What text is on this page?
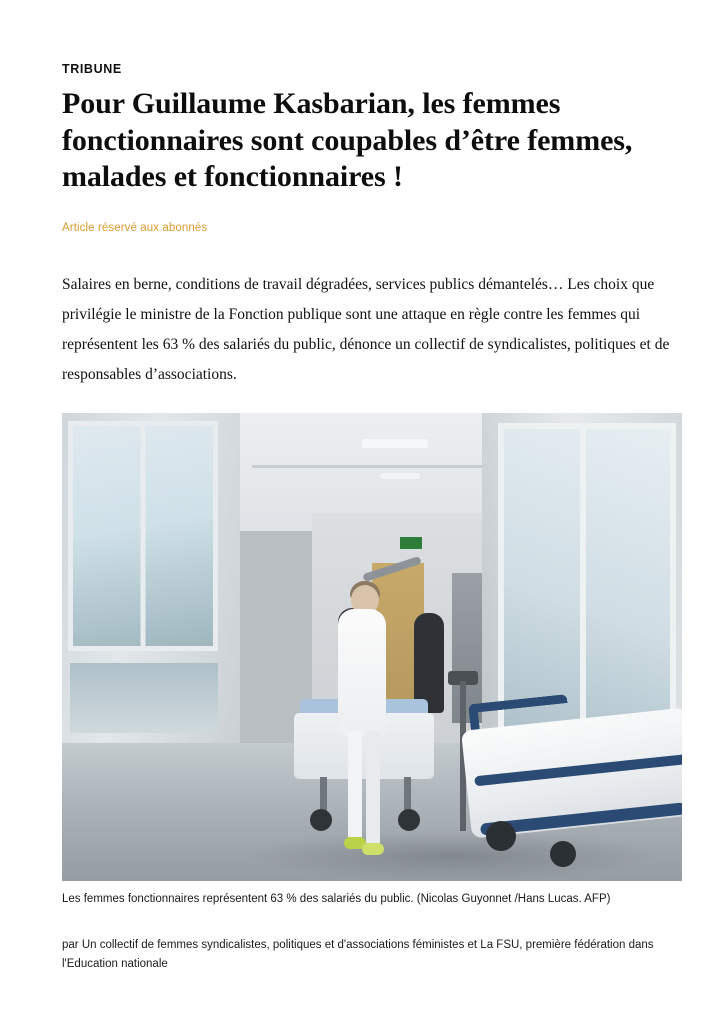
TRIBUNE
Pour Guillaume Kasbarian, les femmes fonctionnaires sont coupables d’être femmes, malades et fonctionnaires !
Article réservé aux abonnés
Salaires en berne, conditions de travail dégradées, services publics démantelés… Les choix que privilégie le ministre de la Fonction publique sont une attaque en règle contre les femmes qui représentent les 63 % des salariés du public, dénonce un collectif de syndicalistes, politiques et de responsables d’associations.
Les femmes fonctionnaires représentent 63 % des salariés du public. (Nicolas Guyonnet /Hans Lucas. AFP)
par Un collectif de femmes syndicalistes, politiques et d'associations féministes et La FSU, première fédération dans l'Education nationale
